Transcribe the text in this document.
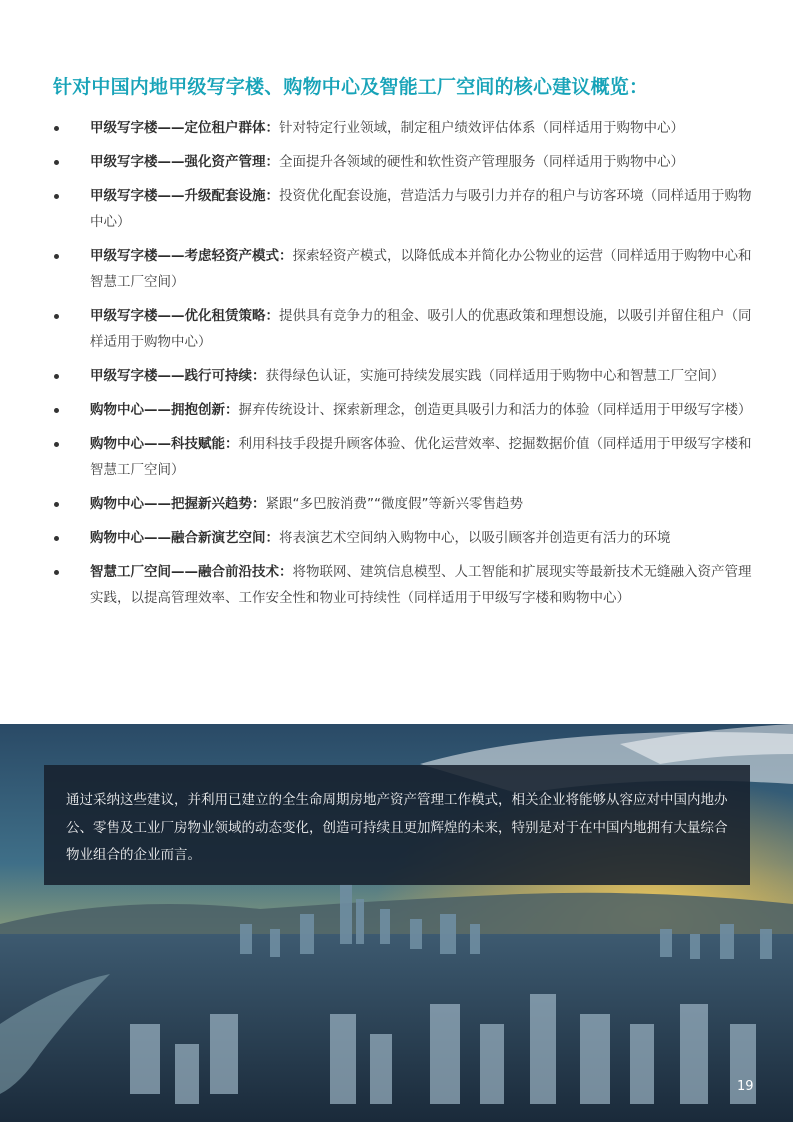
针对中国内地甲级写字楼、购物中心及智能工厂空间的核心建议概览：
甲级写字楼——定位租户群体：针对特定行业领域，制定租户绩效评估体系（同样适用于购物中心）
甲级写字楼——强化资产管理：全面提升各领域的硬性和软性资产管理服务（同样适用于购物中心）
甲级写字楼——升级配套设施：投资优化配套设施，营造活力与吸引力并存的租户与访客环境（同样适用于购物中心）
甲级写字楼——考虑轻资产模式：探索轻资产模式，以降低成本并简化办公物业的运营（同样适用于购物中心和智慧工厂空间）
甲级写字楼——优化租赁策略：提供具有竞争力的租金、吸引人的优惠政策和理想设施，以吸引并留住租户（同样适用于购物中心）
甲级写字楼——践行可持续：获得绿色认证，实施可持续发展实践（同样适用于购物中心和智慧工厂空间）
购物中心——拥抱创新：摒弃传统设计、探索新理念，创造更具吸引力和活力的体验（同样适用于甲级写字楼）
购物中心——科技赋能：利用科技手段提升顾客体验、优化运营效率、挖掘数据价值（同样适用于甲级写字楼和智慧工厂空间）
购物中心——把握新兴趋势：紧跟“多巴胺消费”“微度假”等新兴零售趋势
购物中心——融合新演艺空间：将表演艺术空间纳入购物中心，以吸引顾客并创造更有活力的环境
智慧工厂空间——融合前沿技术：将物联网、建筑信息模型、人工智能和扩展现实等最新技术无缝融入资产管理实践，以提高管理效率、工作安全性和物业可持续性（同样适用于甲级写字楼和购物中心）
通过采纳这些建议，并利用已建立的全生命周期房地产资产管理工作模式，相关企业将能够从容应对中国内地办公、零售及工业厂房物业领域的动态变化，创造可持续且更加辉煌的未来，特别是对于在中国内地拥有大量综合物业组合的企业而言。
19
